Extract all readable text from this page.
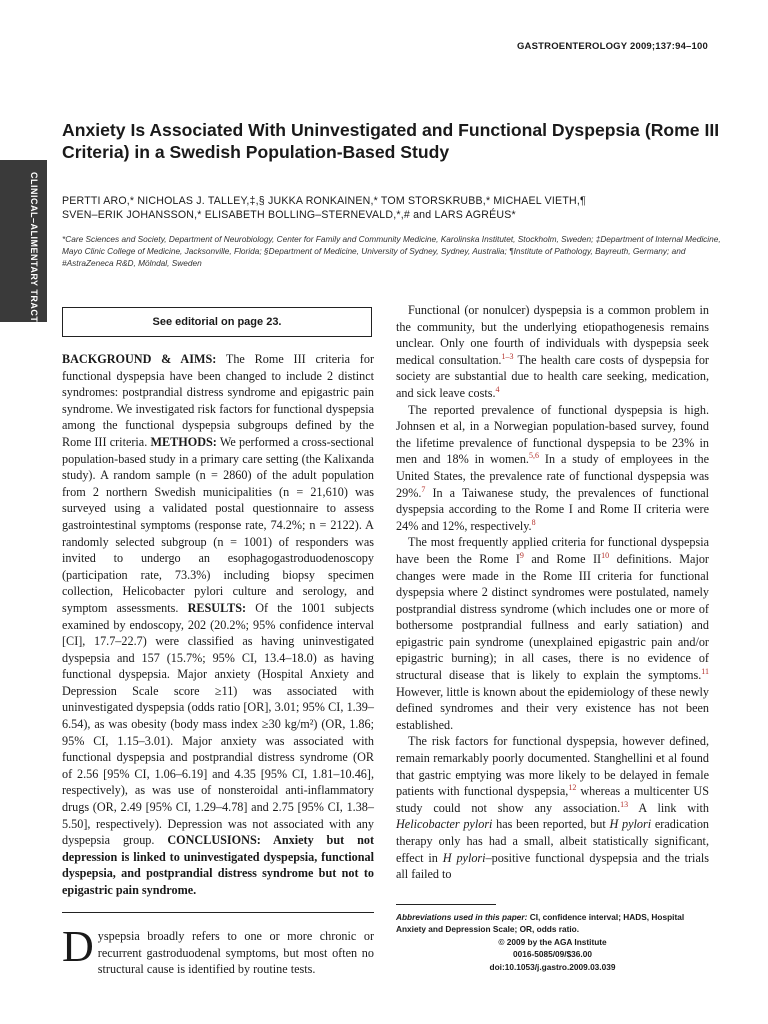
GASTROENTEROLOGY 2009;137:94–100
CLINICAL–ALIMENTARY TRACT
Anxiety Is Associated With Uninvestigated and Functional Dyspepsia (Rome III Criteria) in a Swedish Population-Based Study
PERTTI ARO,* NICHOLAS J. TALLEY,‡,§ JUKKA RONKAINEN,* TOM STORSKRUBB,* MICHAEL VIETH,¶
SVEN–ERIK JOHANSSON,* ELISABETH BOLLING–STERNEVALD,*,# and LARS AGRÉUS*
*Care Sciences and Society, Department of Neurobiology, Center for Family and Community Medicine, Karolinska Institutet, Stockholm, Sweden; ‡Department of Internal Medicine, Mayo Clinic College of Medicine, Jacksonville, Florida; §Department of Medicine, University of Sydney, Sydney, Australia; ¶Institute of Pathology, Bayreuth, Germany; and #AstraZeneca R&D, Mölndal, Sweden
See editorial on page 23.

BACKGROUND & AIMS: The Rome III criteria for functional dyspepsia have been changed to include 2 distinct syndromes: postprandial distress syndrome and epigastric pain syndrome. We investigated risk factors for functional dyspepsia among the functional dyspepsia subgroups defined by the Rome III criteria. METHODS: We performed a cross-sectional population-based study in a primary care setting (the Kalixanda study). A random sample (n = 2860) of the adult population from 2 northern Swedish municipalities (n = 21,610) was surveyed using a validated postal questionnaire to assess gastrointestinal symptoms (response rate, 74.2%; n = 2122). A randomly selected subgroup (n = 1001) of responders was invited to undergo an esophagogastroduodenoscopy (participation rate, 73.3%) including biopsy specimen collection, Helicobacter pylori culture and serology, and symptom assessments. RESULTS: Of the 1001 subjects examined by endoscopy, 202 (20.2%; 95% confidence interval [CI], 17.7–22.7) were classified as having uninvestigated dyspepsia and 157 (15.7%; 95% CI, 13.4–18.0) as having functional dyspepsia. Major anxiety (Hospital Anxiety and Depression Scale score ≥11) was associated with uninvestigated dyspepsia (odds ratio [OR], 3.01; 95% CI, 1.39–6.54), as was obesity (body mass index ≥30 kg/m²) (OR, 1.86; 95% CI, 1.15–3.01). Major anxiety was associated with functional dyspepsia and postprandial distress syndrome (OR of 2.56 [95% CI, 1.06–6.19] and 4.35 [95% CI, 1.81–10.46], respectively), as was use of nonsteroidal anti-inflammatory drugs (OR, 2.49 [95% CI, 1.29–4.78] and 2.75 [95% CI, 1.38–5.50], respectively). Depression was not associated with any dyspepsia group. CONCLUSIONS: Anxiety but not depression is linked to uninvestigated dyspepsia, functional dyspepsia, and postprandial distress syndrome but not to epigastric pain syndrome.

Dyspepsia broadly refers to one or more chronic or recurrent gastroduodenal symptoms, but most often no structural cause is identified by routine tests.

Functional (or nonulcer) dyspepsia is a common problem in the community, but the underlying etiopathogenesis remains unclear. Only one fourth of individuals with dyspepsia seek medical consultation.$^{1-3}$ The health care costs of dyspepsia for society are substantial due to health care seeking, medication, and sick leave costs.$^4$

The reported prevalence of functional dyspepsia is high. Johnsen et al, in a Norwegian population-based survey, found the lifetime prevalence of functional dyspepsia to be 23% in men and 18% in women.$^{5,6}$ In a study of employees in the United States, the prevalence rate of functional dyspepsia was 29%.$^7$ In a Taiwanese study, the prevalences of functional dyspepsia according to the Rome I and Rome II criteria were 24% and 12%, respectively.$^8$

The most frequently applied criteria for functional dyspepsia have been the Rome $I^9$ and Rome II$^{10}$ definitions. Major changes were made in the Rome III criteria for functional dyspepsia where 2 distinct syndromes were postulated, namely postprandial distress syndrome (which includes one or more of bothersome postprandial fullness and early satiation) and epigastric pain syndrome (unexplained epigastric pain and/or epigastric burning); in all cases, there is no evidence of structural disease that is likely to explain the symptoms.$^{11}$ However, little is known about the epidemiology of these newly defined syndromes and their very existence has not been established.

The risk factors for functional dyspepsia, however defined, remain remarkably poorly documented. Stanghellini et al found that gastric emptying was more likely to be delayed in female patients with functional dyspepsia,$^{12}$ whereas a multicenter US study could not show any association.$^{13}$ A link with Helicobacter pylori has been reported, but H pylori eradication therapy only has had a small, albeit statistically significant, effect in H pylori–positive functional dyspepsia and the trials all failed to

Abbreviations used in this paper: CI, confidence interval; HADS, Hospital Anxiety and Depression Scale; OR, odds ratio.
© 2009 by the AGA Institute
0016-5085/09/$36.00
doi:10.1053/j.gastro.2009.03.039
